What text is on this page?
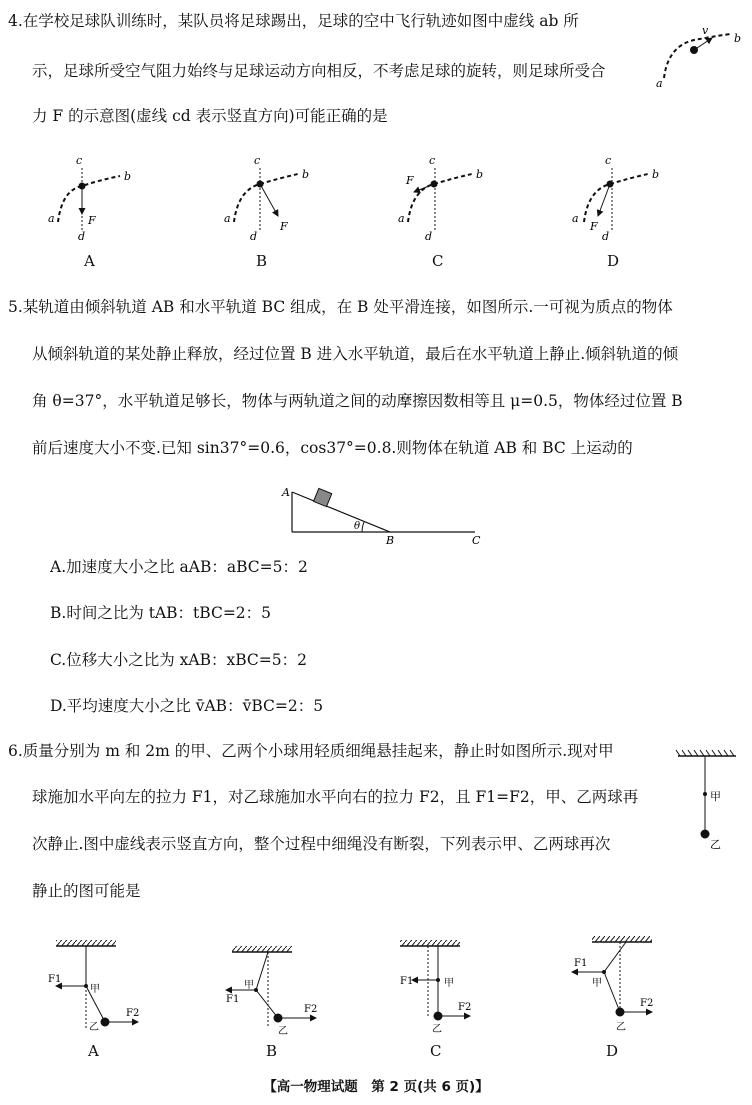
4.在学校足球队训练时，某队员将足球踢出，足球的空中飞行轨迹如图中虚线 ab 所
示，足球所受空气阻力始终与足球运动方向相反，不考虑足球的旋转，则足球所受合
力 F 的示意图(虚线 cd 表示竖直方向)可能正确的是
v
b
a
c
b
a	F
d
c
b
a
F
d
c
b
a
F
d
c
b
a
F
d
A	B	C	D
5.某轨道由倾斜轨道 AB 和水平轨道 BC 组成，在 B 处平滑连接，如图所示.一可视为质点的物体
从倾斜轨道的某处静止释放，经过位置 B 进入水平轨道，最后在水平轨道上静止.倾斜轨道的倾
角 θ=37°，水平轨道足够长，物体与两轨道之间的动摩擦因数相等且 μ=0.5，物体经过位置 B
前后速度大小不变.已知 sin37°=0.6，cos37°=0.8.则物体在轨道 AB 和 BC 上运动的
A
B	C
θ
A.加速度大小之比 aAB：aBC=5：2
B.时间之比为 tAB：tBC=2：5
C.位移大小之比为 xAB：xBC=5：2
D.平均速度大小之比 v̄AB：v̄BC=2：5
6.质量分别为 m 和 2m 的甲、乙两个小球用轻质细绳悬挂起来，静止时如图所示.现对甲
球施加水平向左的拉力 F1，对乙球施加水平向右的拉力 F2，且 F1=F2，甲、乙两球再
次静止.图中虚线表示竖直方向，整个过程中细绳没有断裂，下列表示甲、乙两球再次
静止的图可能是
甲
乙
F1
F2
甲
乙
F1
F2
甲
乙
F1
F2
甲
乙
F1
F2
甲
乙
A	B	C	D
【高一物理试题　第 2 页(共 6 页)】
